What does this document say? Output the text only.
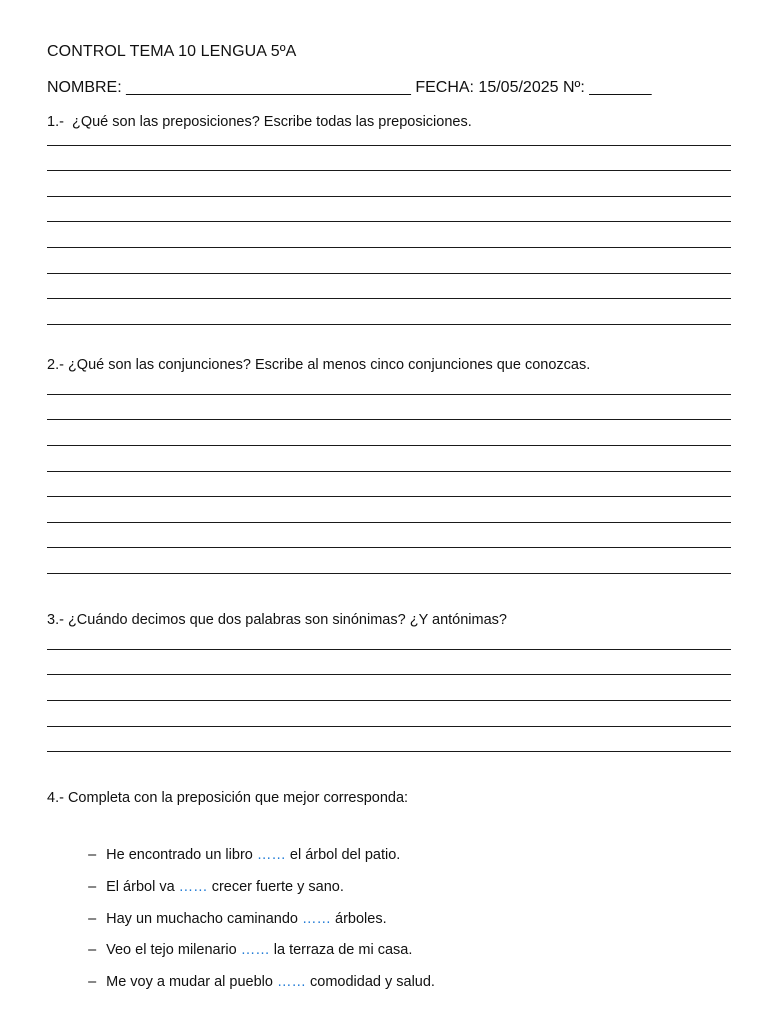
CONTROL TEMA 10 LENGUA 5ºA
NOMBRE: ________________________________ FECHA: 15/05/2025 Nº: _______
1.-  ¿Qué son las preposiciones? Escribe todas las preposiciones.
2.- ¿Qué son las conjunciones? Escribe al menos cinco conjunciones que conozcas.
3.- ¿Cuándo decimos que dos palabras son sinónimas? ¿Y antónimas?
4.- Completa con la preposición que mejor corresponda:

– He encontrado un libro …… el árbol del patio.

– El árbol va …… crecer fuerte y sano.

– Hay un muchacho caminando …… árboles.

– Veo el tejo milenario …… la terraza de mi casa.

– Me voy a mudar al pueblo …… comodidad y salud.
